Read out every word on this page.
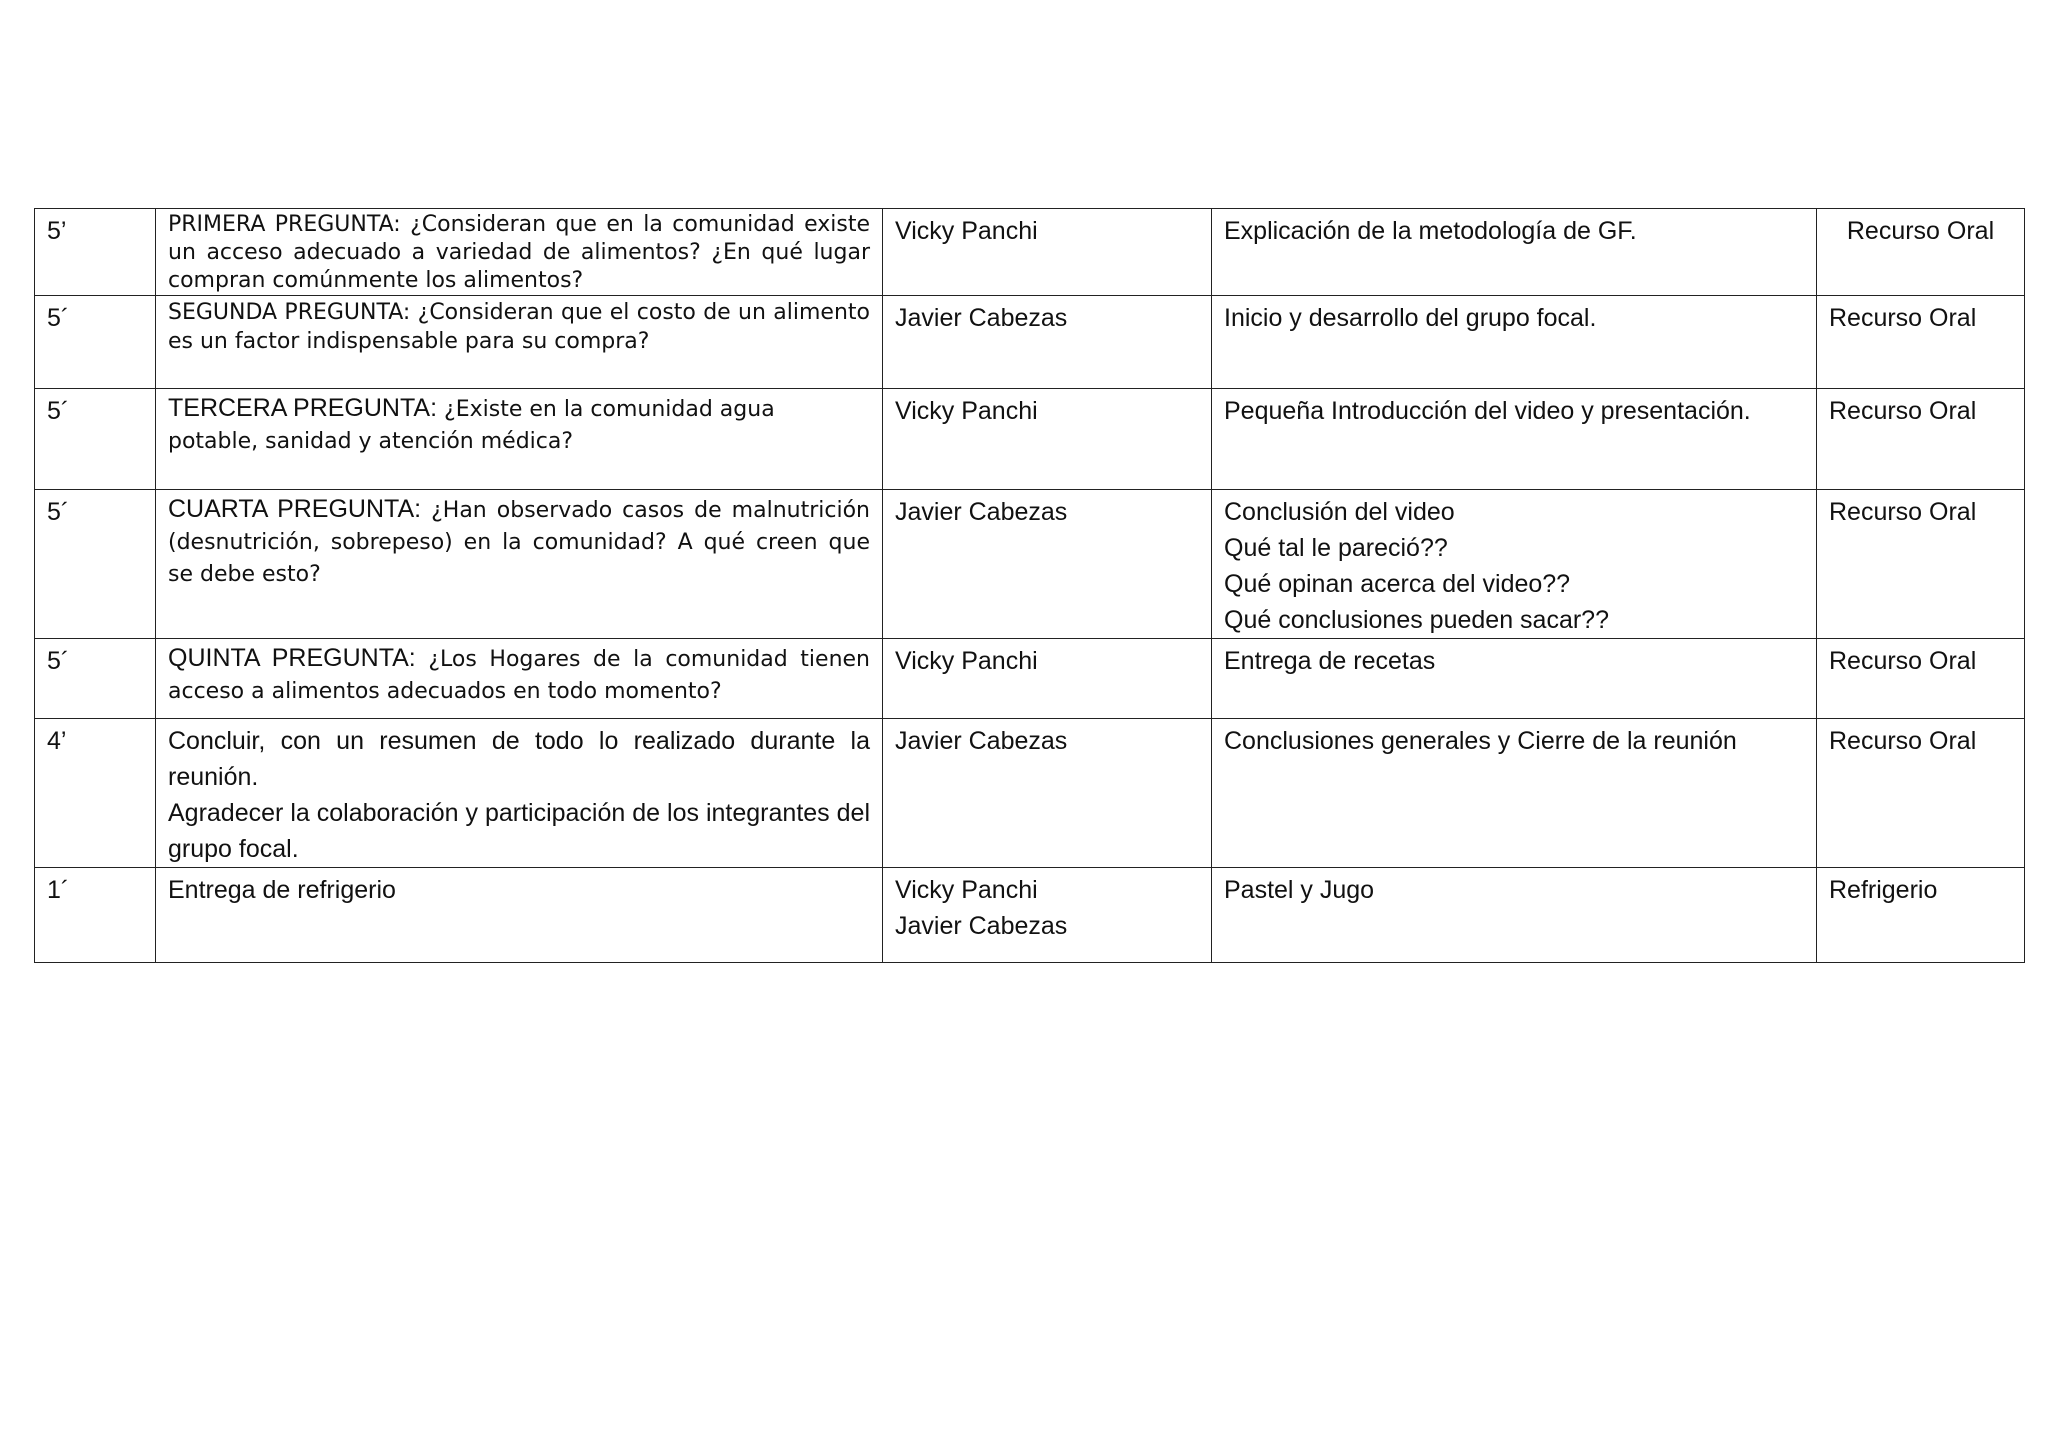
5’	PRIMERA PREGUNTA: ¿Consideran que en la comunidad existe un acceso adecuado a variedad de alimentos? ¿En qué lugar compran comúnmente los alimentos?	Vicky Panchi	Explicación de la metodología de GF.	Recurso Oral
5´	SEGUNDA PREGUNTA: ¿Consideran que el costo de un alimento es un factor indispensable para su compra?	Javier Cabezas	Inicio y desarrollo del grupo focal.	Recurso Oral
5´	TERCERA PREGUNTA: ¿Existe en la comunidad agua potable, sanidad y atención médica?	Vicky Panchi	Pequeña Introducción del video y presentación.	Recurso Oral
5´	CUARTA PREGUNTA: ¿Han observado casos de malnutrición (desnutrición, sobrepeso) en la comunidad? A qué creen que se debe esto?	Javier Cabezas	Conclusión del video
Qué tal le pareció??
Qué opinan acerca del video??
Qué conclusiones pueden sacar??	Recurso Oral
5´	QUINTA PREGUNTA: ¿Los Hogares de la comunidad tienen acceso a alimentos adecuados en todo momento?	Vicky Panchi	Entrega de recetas	Recurso Oral
4’	Concluir, con un resumen de todo lo realizado durante la reunión.
Agradecer la colaboración y participación de los integrantes del grupo focal.	Javier Cabezas	Conclusiones generales y Cierre de la reunión	Recurso Oral
1´	Entrega de refrigerio	Vicky Panchi
Javier Cabezas	Pastel y Jugo	Refrigerio
